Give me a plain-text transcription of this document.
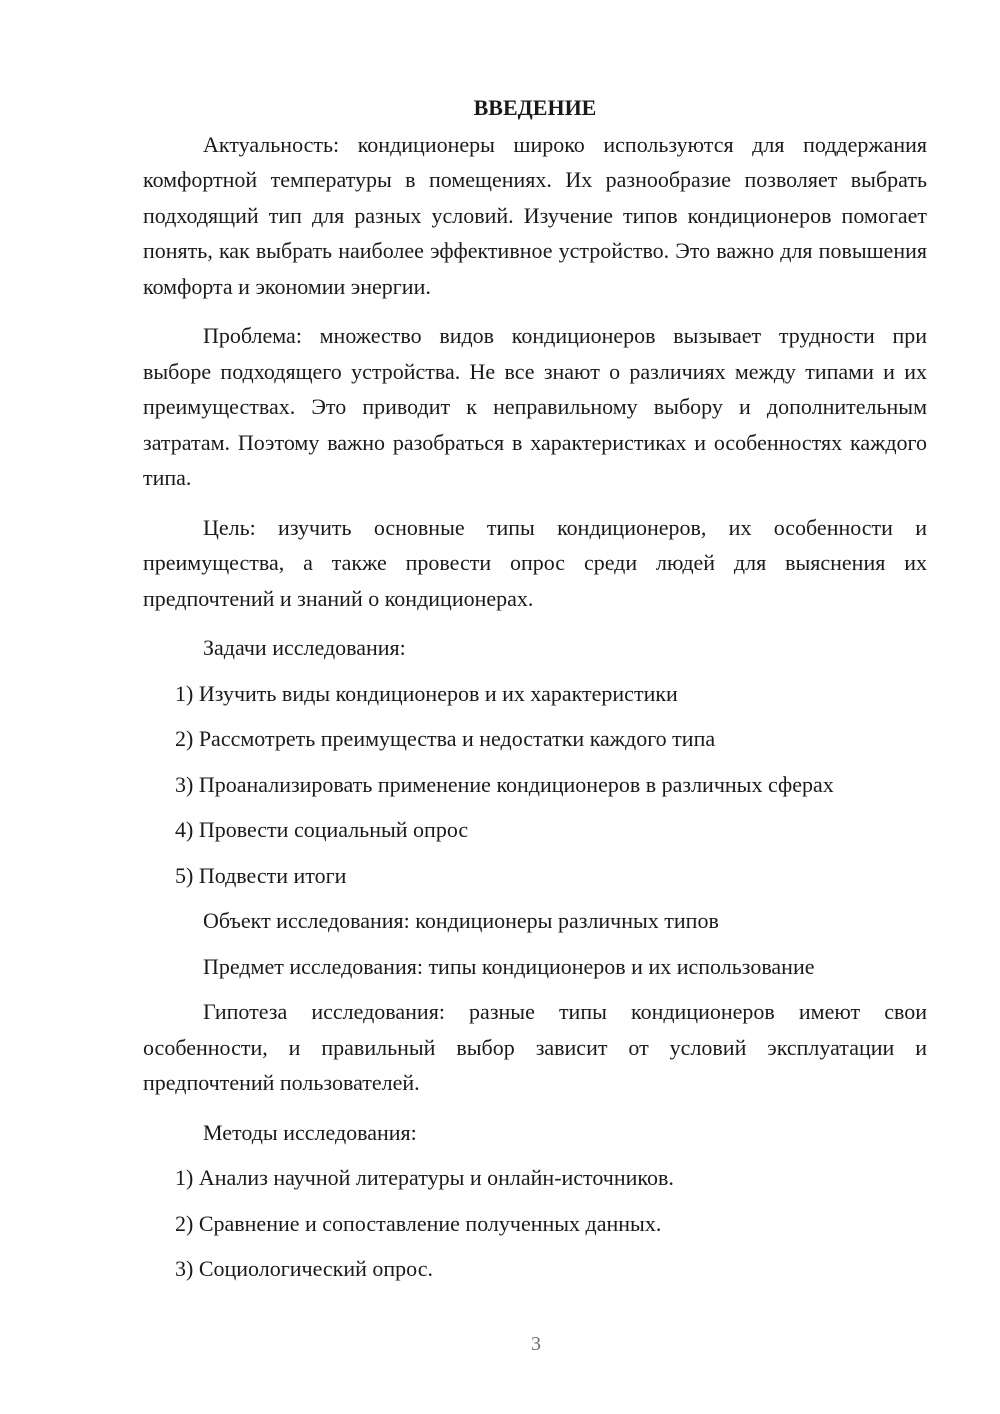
ВВЕДЕНИЕ

Актуальность: кондиционеры широко используются для поддержания комфортной температуры в помещениях. Их разнообразие позволяет выбрать подходящий тип для разных условий. Изучение типов кондиционеров помогает понять, как выбрать наиболее эффективное устройство. Это важно для повышения комфорта и экономии энергии.

Проблема: множество видов кондиционеров вызывает трудности при выборе подходящего устройства. Не все знают о различиях между типами и их преимуществах. Это приводит к неправильному выбору и дополнительным затратам. Поэтому важно разобраться в характеристиках и особенностях каждого типа.

Цель: изучить основные типы кондиционеров, их особенности и преимущества, а также провести опрос среди людей для выяснения их предпочтений и знаний о кондиционерах.

Задачи исследования:
1) Изучить виды кондиционеров и их характеристики
2) Рассмотреть преимущества и недостатки каждого типа
3) Проанализировать применение кондиционеров в различных сферах
4) Провести социальный опрос
5) Подвести итоги
Объект исследования: кондиционеры различных типов
Предмет исследования: типы кондиционеров и их использование

Гипотеза исследования: разные типы кондиционеров имеют свои особенности, и правильный выбор зависит от условий эксплуатации и предпочтений пользователей.

Методы исследования:
1) Анализ научной литературы и онлайн-источников.
2) Сравнение и сопоставление полученных данных.
3) Социологический опрос.
3
